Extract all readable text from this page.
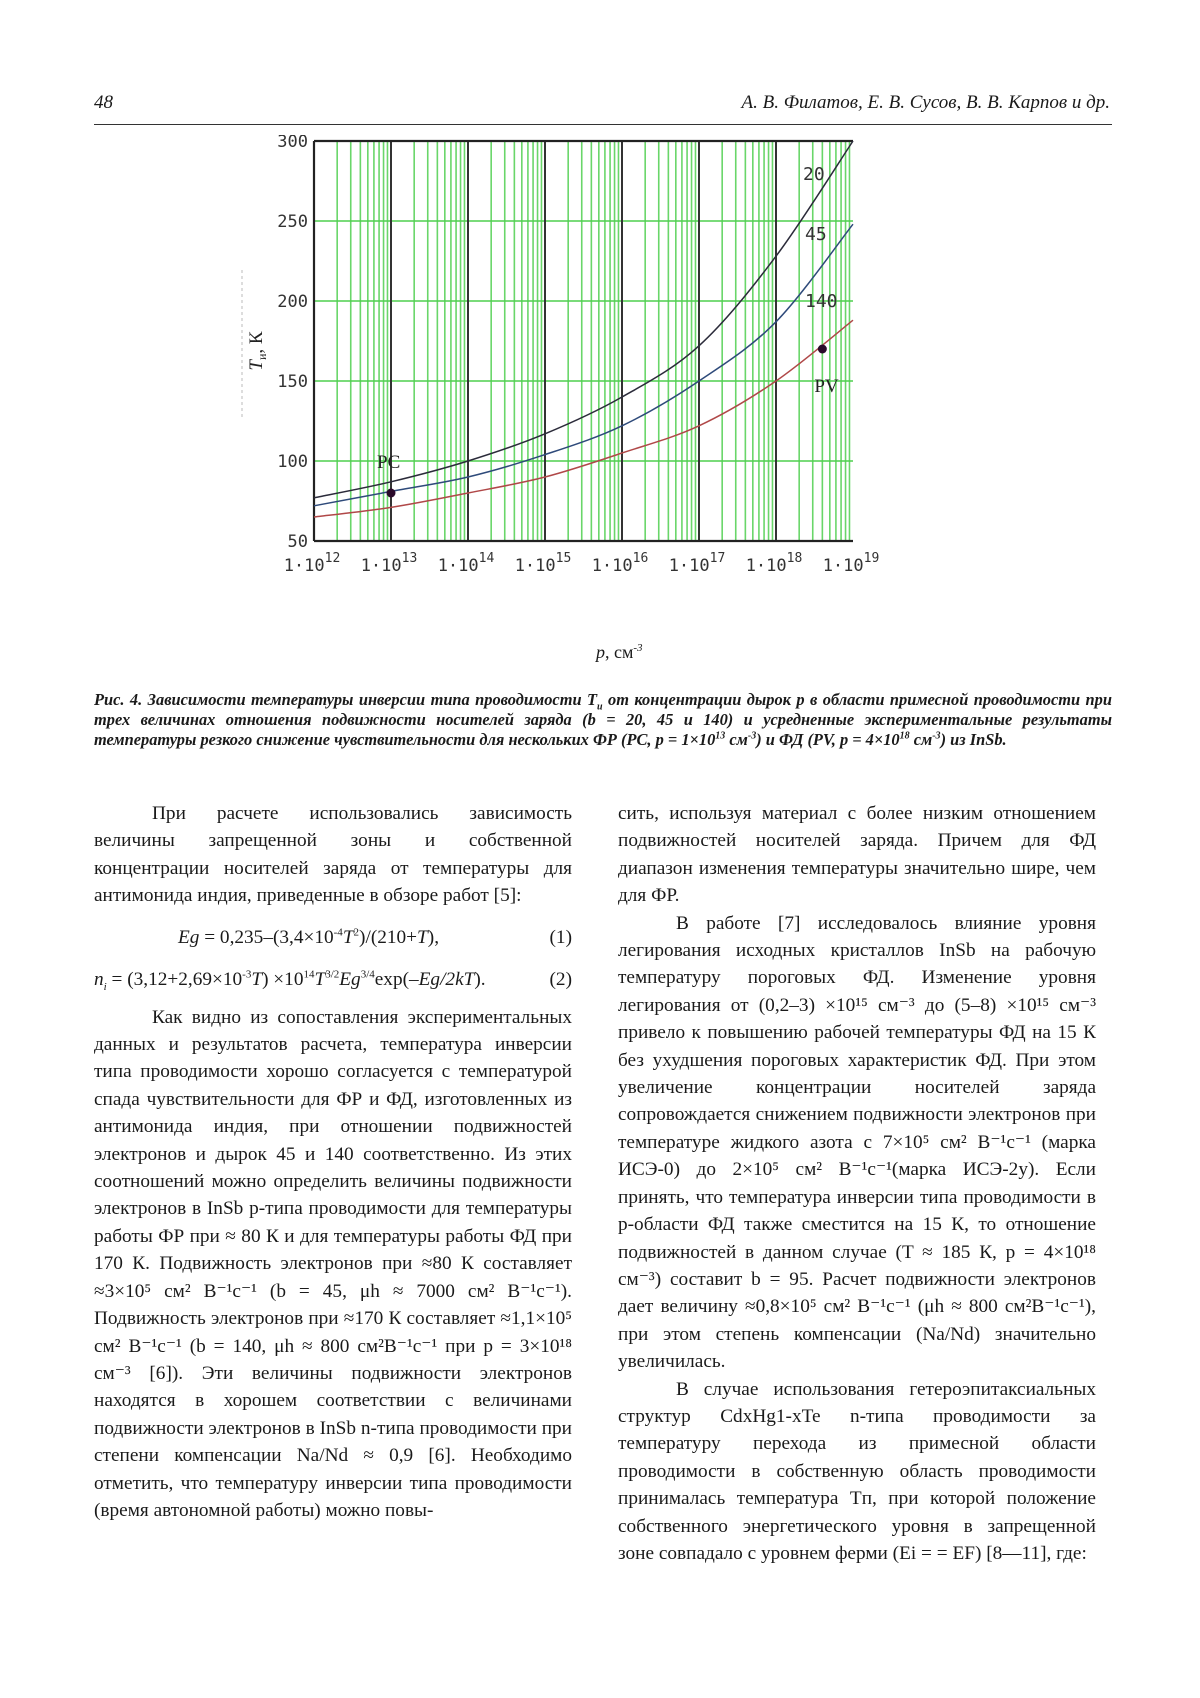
48	А. В. Филатов, Е. В. Сусов, В. В. Карпов и др.
300
250
200
150
100
50
$1\cdot 10^{12}$ $1\cdot 10^{13}$ $1\cdot 10^{14}$ $1\cdot 10^{15}$ $1\cdot 10^{16}$ $1\cdot 10^{17}$ $1\cdot 10^{18}$ $1\cdot 10^{19}$
$T_и$, К
20
45
140
PC
PV
p, $см^{-3}$
Рис. 4. Зависимости температуры инверсии типа проводимости $T_и$ от концентрации дырок p в области примесной проводимости при трех величинах отношения подвижности носителей заряда (b = 20, 45 и 140) и усредненные экспериментальные результаты температуры резкого снижение чувствительности для нескольких ФР (PC, $p = 1\times 10^{13}$ $см^{-3}$) и ФД (PV, $p = 4\times 10^{18}$ $см^{-3}$) из InSb.

При расчете использовались зависимость величины запрещенной зоны и собственной концентрации носителей заряда от температуры для антимонида индия, приведенные в обзоре работ [5]:

$Eg = 0,235-(3,4\times 10^{-4}T^2)/(210+T)$,	(1)
$n_i = (3,12+2,69\times 10^{-3}T) \times 10^{14}T^{3/2}Eg^{3/4}\exp(-Eg/2kT)$.	(2)

Как видно из сопоставления экспериментальных данных и результатов расчета, температура инверсии типа проводимости хорошо согласуется с температурой спада чувствительности для ФР и ФД, изготовленных из антимонида индия, при отношении подвижностей электронов и дырок 45 и 140 соответственно. Из этих соотношений можно определить величины подвижности электронов в InSb p-типа проводимости для температуры работы ФР при ≈ 80 К и для температуры работы ФД при 170 К. Подвижность электронов при ≈80 К составляет ≈3×10⁵ см² В⁻¹с⁻¹ (b = 45, μh ≈ 7000 см² В⁻¹с⁻¹). Подвижность электронов при ≈170 К составляет ≈1,1×10⁵ см² В⁻¹с⁻¹ (b = 140, μh ≈ 800 см²В⁻¹с⁻¹ при p = 3×10¹⁸ см⁻³ [6]). Эти величины подвижности электронов находятся в хорошем соответствии с величинами подвижности электронов в InSb n-типа проводимости при степени компенсации Na/Nd ≈ 0,9 [6]. Необходимо отметить, что температуру инверсии типа проводимости (время автономной работы) можно повы-

сить, используя материал с более низким отношением подвижностей носителей заряда. Причем для ФД диапазон изменения температуры значительно шире, чем для ФР.

В работе [7] исследовалось влияние уровня легирования исходных кристаллов InSb на рабочую температуру пороговых ФД. Изменение уровня легирования от (0,2–3) ×10¹⁵ см⁻³ до (5–8) ×10¹⁵ см⁻³ привело к повышению рабочей температуры ФД на 15 К без ухудшения пороговых характеристик ФД. При этом увеличение концентрации носителей заряда сопровождается снижением подвижности электронов при температуре жидкого азота с 7×10⁵ см² В⁻¹с⁻¹ (марка ИСЭ-0) до 2×10⁵ см² В⁻¹с⁻¹(марка ИСЭ-2у). Если принять, что температура инверсии типа проводимости в p-области ФД также сместится на 15 К, то отношение подвижностей в данном случае (T ≈ 185 К, p = 4×10¹⁸ см⁻³) составит b = 95. Расчет подвижности электронов дает величину ≈0,8×10⁵ см² В⁻¹с⁻¹ (μh ≈ 800 см²В⁻¹с⁻¹), при этом степень компенсации (Na/Nd) значительно увеличилась.

В случае использования гетероэпитаксиальных структур CdxHg1-xTe n-типа проводимости за температуру перехода из примесной области проводимости в собственную область проводимости принималась температура Tп, при которой положение собственного энергетического уровня в запрещенной зоне совпадало с уровнем ферми (Ei = = EF) [8—11], где:
